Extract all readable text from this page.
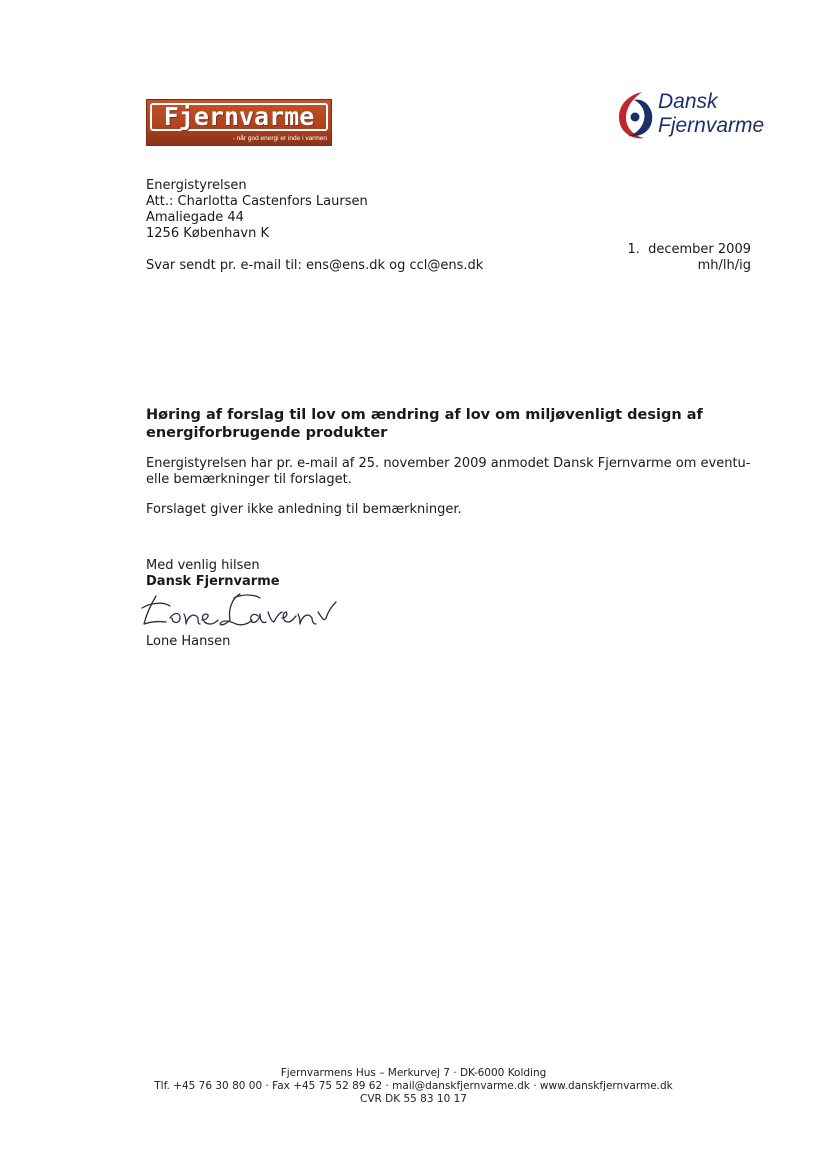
Fjernvarme
- når god energi er inde i varmen
Dansk
Fjernvarme
Energistyrelsen
Att.: Charlotta Castenfors Laursen
Amaliegade 44
1256 København K
1.  december 2009
mh/lh/ig
Svar sendt pr. e-mail til: ens@ens.dk og ccl@ens.dk
Høring af forslag til lov om ændring af lov om miljøvenligt design af
energiforbrugende produkter
Energistyrelsen har pr. e-mail af 25. november 2009 anmodet Dansk Fjernvarme om eventu-
elle bemærkninger til forslaget.
Forslaget giver ikke anledning til bemærkninger.
Med venlig hilsen
Dansk Fjernvarme
Lone Hansen
Fjernvarmens Hus – Merkurvej 7 · DK-6000 Kolding
Tlf. +45 76 30 80 00 · Fax +45 75 52 89 62 · mail@danskfjernvarme.dk · www.danskfjernvarme.dk
CVR DK 55 83 10 17
